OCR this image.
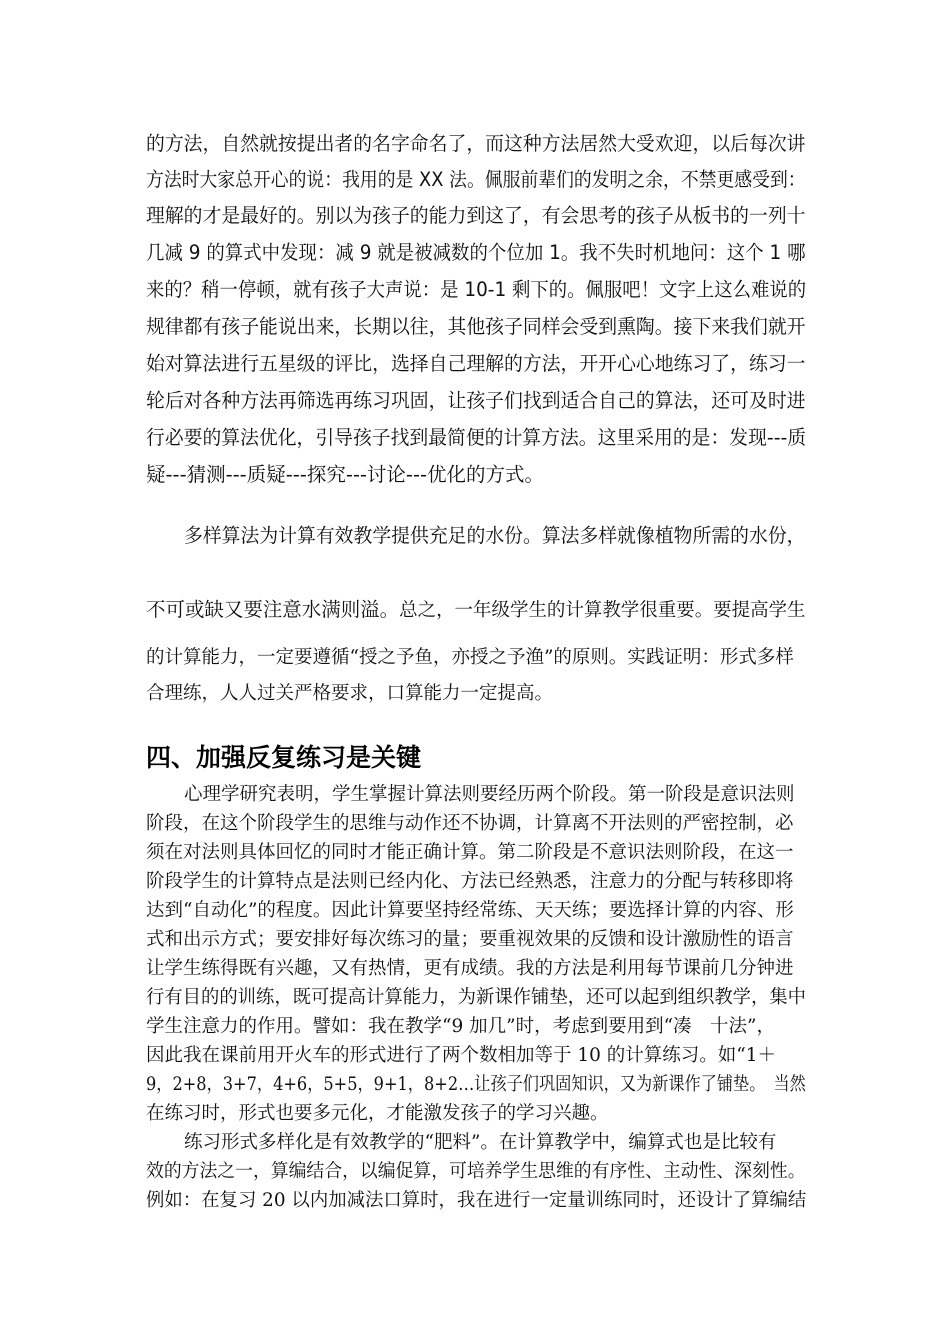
的方法，自然就按提出者的名字命名了，而这种方法居然大受欢迎，以后每次讲
方法时大家总开心的说：我用的是 XX 法。佩服前辈们的发明之余，不禁更感受到：
理解的才是最好的。别以为孩子的能力到这了，有会思考的孩子从板书的一列十
几减 9 的算式中发现：减 9 就是被减数的个位加 1。我不失时机地问：这个 1 哪
来的？稍一停顿，就有孩子大声说：是 10-1 剩下的。佩服吧！文字上这么难说的
规律都有孩子能说出来，长期以往，其他孩子同样会受到熏陶。接下来我们就开
始对算法进行五星级的评比，选择自己理解的方法，开开心心地练习了，练习一
轮后对各种方法再筛选再练习巩固，让孩子们找到适合自己的算法，还可及时进
行必要的算法优化，引导孩子找到最简便的计算方法。这里采用的是：发现---质
疑---猜测---质疑---探究---讨论---优化的方式。
多样算法为计算有效教学提供充足的水份。算法多样就像植物所需的水份，
不可或缺又要注意水满则溢。总之，一年级学生的计算教学很重要。要提高学生
的计算能力，一定要遵循“授之予鱼，亦授之予渔”的原则。实践证明：形式多样
合理练，人人过关严格要求，口算能力一定提高。
四、加强反复练习是关键
心理学研究表明，学生掌握计算法则要经历两个阶段。第一阶段是意识法则
阶段，在这个阶段学生的思维与动作还不协调，计算离不开法则的严密控制，必
须在对法则具体回忆的同时才能正确计算。第二阶段是不意识法则阶段，在这一
阶段学生的计算特点是法则已经内化、方法已经熟悉，注意力的分配与转移即将
达到“自动化”的程度。因此计算要坚持经常练、天天练；要选择计算的内容、形
式和出示方式；要安排好每次练习的量；要重视效果的反馈和设计激励性的语言
让学生练得既有兴趣，又有热情，更有成绩。我的方法是利用每节课前几分钟进
行有目的的训练，既可提高计算能力，为新课作铺垫，还可以起到组织教学，集中
学生注意力的作用。譬如：我在教学“9 加几”时，考虑到要用到“凑　十法”，
因此我在课前用开火车的形式进行了两个数相加等于 10 的计算练习。如“1＋
9，2+8，3+7，4+6，5+5，9+1，8+2…让孩子们巩固知识，又为新课作了铺垫。　当然
在练习时，形式也要多元化，才能激发孩子的学习兴趣。
练习形式多样化是有效教学的“肥料”。在计算教学中，编算式也是比较有
效的方法之一，算编结合，以编促算，可培养学生思维的有序性、主动性、深刻性。
例如：在复习 20 以内加减法口算时，我在进行一定量训练同时，还设计了算编结
